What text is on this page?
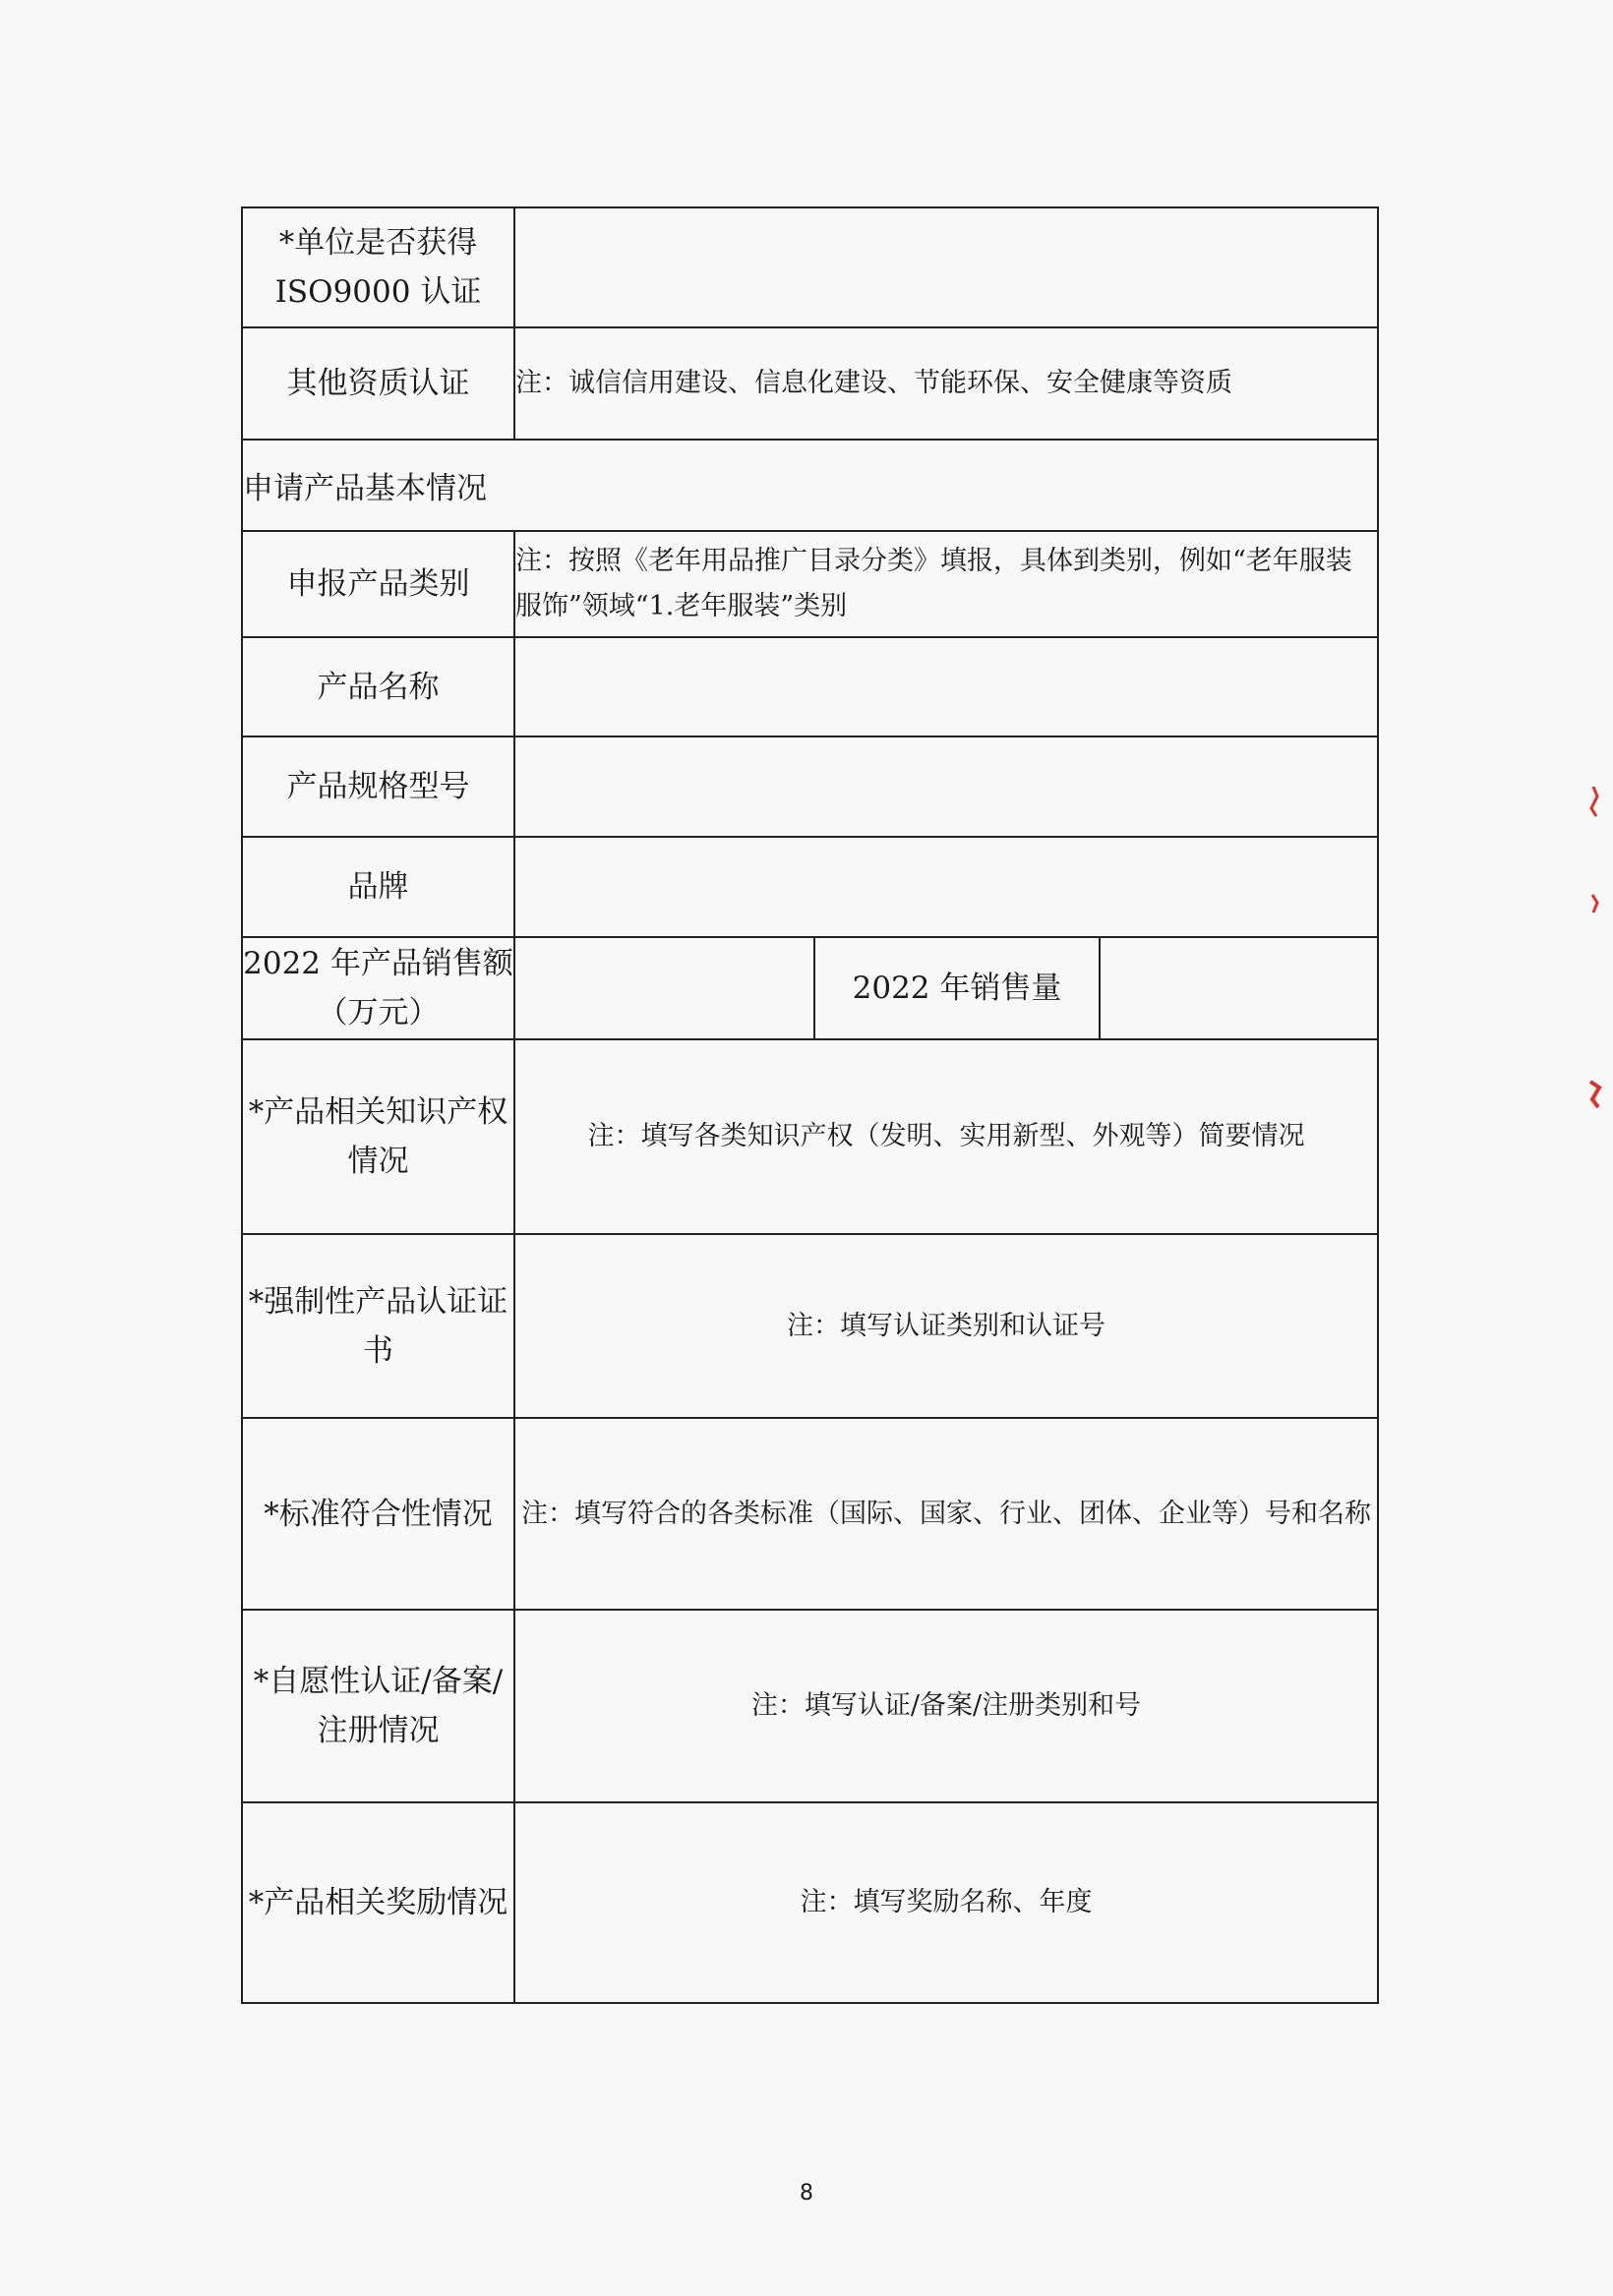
*单位是否获得ISO9000 认证			
其他资质认证	注：诚信信用建设、信息化建设、节能环保、安全健康等资质		
申请产品基本情况			
申报产品类别	注：按照《老年用品推广目录分类》填报，具体到类别，例如“老年服装服饰”领域“1.老年服装”类别		
产品名称			
产品规格型号			
品牌			
2022 年产品销售额（万元）		2022 年销售量	
*产品相关知识产权情况	注：填写各类知识产权（发明、实用新型、外观等）简要情况		
*强制性产品认证证书	注：填写认证类别和认证号		
*标准符合性情况	注：填写符合的各类标准（国际、国家、行业、团体、企业等）号和名称		
*自愿性认证/备案/注册情况	注：填写认证/备案/注册类别和号		
*产品相关奖励情况	注：填写奖励名称、年度		
8
